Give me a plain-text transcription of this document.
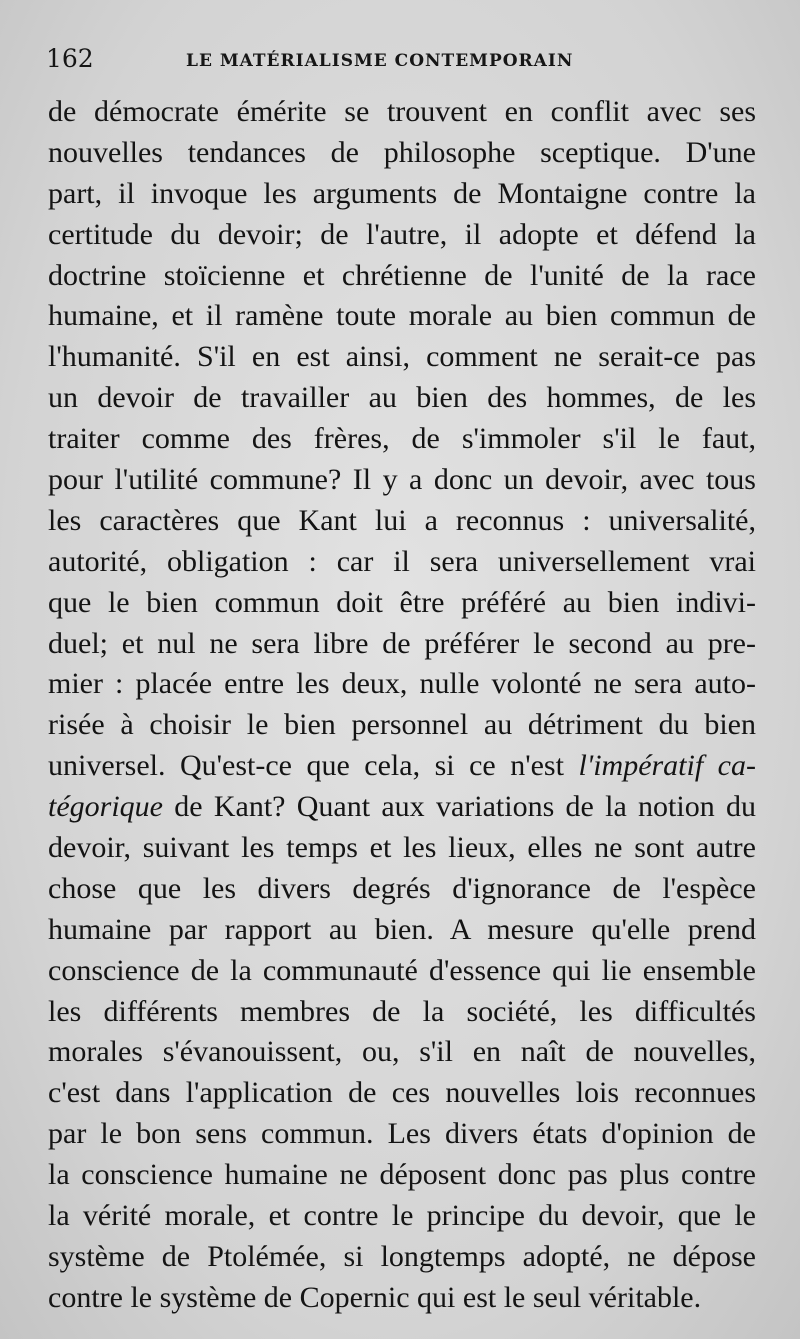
162	LE MATÉRIALISME CONTEMPORAIN
de démocrate émérite se trouvent en conflit avec ses
nouvelles tendances de philosophe sceptique. D'une
part, il invoque les arguments de Montaigne contre la
certitude du devoir; de l'autre, il adopte et défend la
doctrine stoïcienne et chrétienne de l'unité de la race
humaine, et il ramène toute morale au bien commun de
l'humanité. S'il en est ainsi, comment ne serait-ce pas
un devoir de travailler au bien des hommes, de les
traiter comme des frères, de s'immoler s'il le faut,
pour l'utilité commune? Il y a donc un devoir, avec tous
les caractères que Kant lui a reconnus : universalité,
autorité, obligation : car il sera universellement vrai
que le bien commun doit être préféré au bien indivi-
duel; et nul ne sera libre de préférer le second au pre-
mier : placée entre les deux, nulle volonté ne sera auto-
risée à choisir le bien personnel au détriment du bien
universel. Qu'est-ce que cela, si ce n'est l'impératif ca-
tégorique de Kant? Quant aux variations de la notion du
devoir, suivant les temps et les lieux, elles ne sont autre
chose que les divers degrés d'ignorance de l'espèce
humaine par rapport au bien. A mesure qu'elle prend
conscience de la communauté d'essence qui lie ensemble
les différents membres de la société, les difficultés
morales s'évanouissent, ou, s'il en naît de nouvelles,
c'est dans l'application de ces nouvelles lois reconnues
par le bon sens commun. Les divers états d'opinion de
la conscience humaine ne déposent donc pas plus contre
la vérité morale, et contre le principe du devoir, que le
système de Ptolémée, si longtemps adopté, ne dépose
contre le système de Copernic qui est le seul véritable.
